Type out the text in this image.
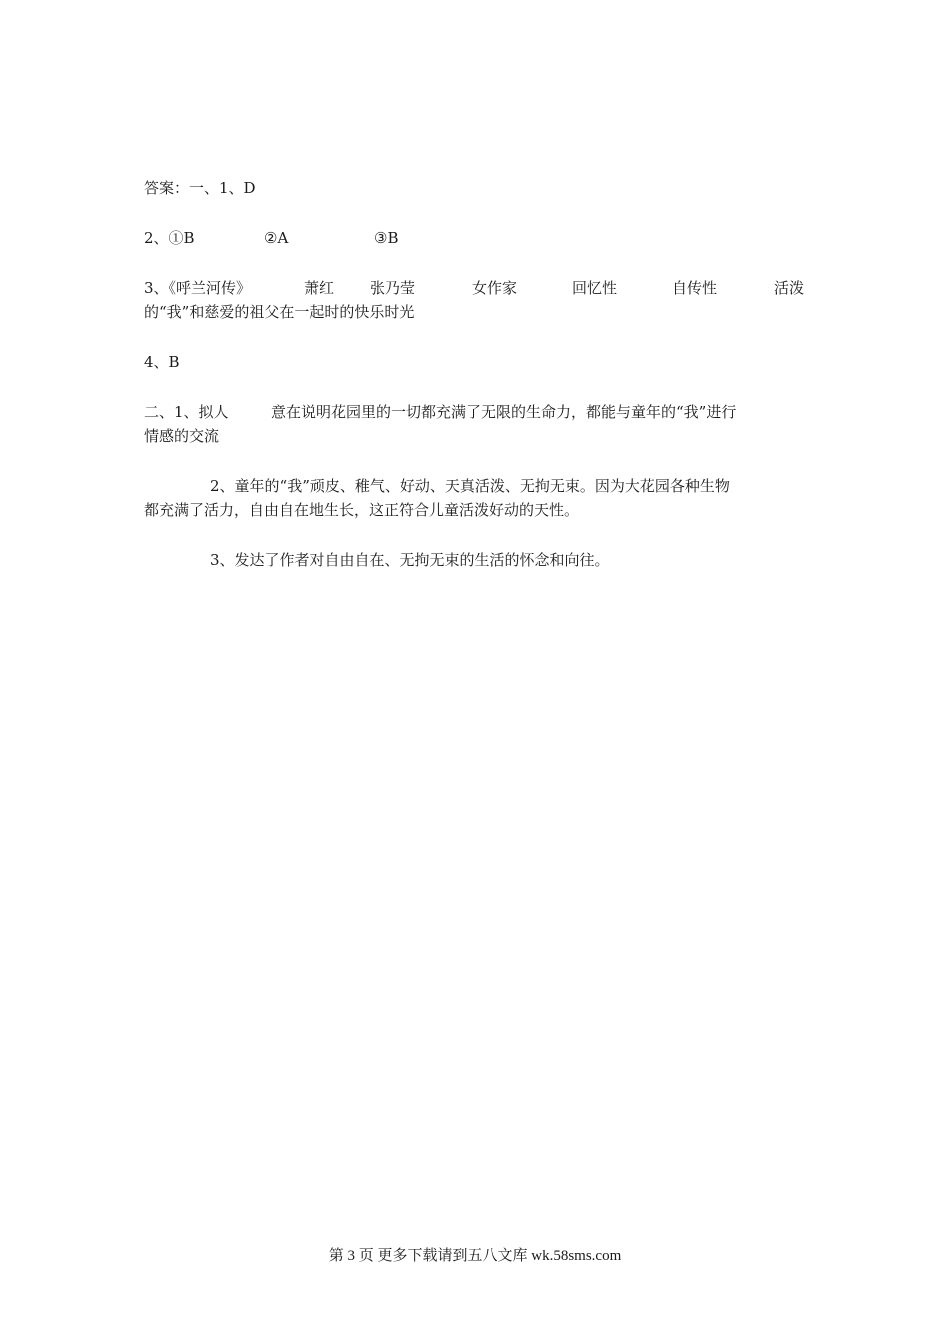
答案：一、1、D
2、①B	②A	③B
3、《呼兰河传》	萧红 张乃莹	女作家	回忆性	自传性	活泼
的“我”和慈爱的祖父在一起时的快乐时光
4、B
二、1、拟人	意在说明花园里的一切都充满了无限的生命力，都能与童年的“我”进行
情感的交流
2、童年的“我”顽皮、稚气、好动、天真活泼、无拘无束。因为大花园各种生物
都充满了活力，自由自在地生长，这正符合儿童活泼好动的天性。
3、发达了作者对自由自在、无拘无束的生活的怀念和向往。
第 3 页 更多下载请到五八文库 wk.58sms.com
